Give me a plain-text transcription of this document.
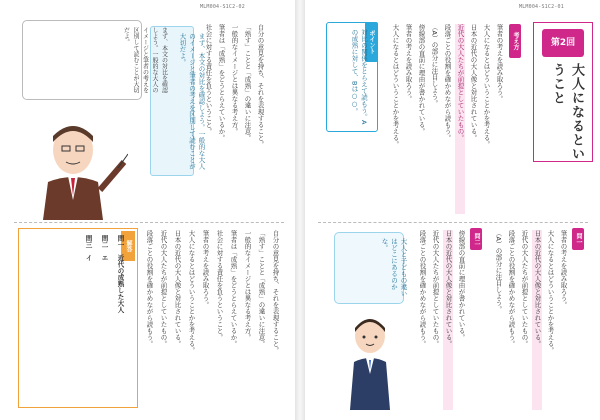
MLM004-S1C2-02
自分の意見を持ち、それを表現すること。
「熟す」ことと「成熟」の違いに注意。
一般的なイメージとは異なる考え方。
筆者は「成熟」をどうとらえているか。
社会に対する責任を負うということ。
まず、本文の対比を確認しよう。一般的な大人のイメージと筆者の考えを区別して読むことが大切だよ。
まず、本文の対比を確認しよう。一般的な大人のイメージと筆者の考えを区別して読むことが大切だよ。
解答
問一　近代の成熟した大人
問二　エ
問三　イ	自分の意見を持ち、それを表現すること。
「熟す」ことと「成熟」の違いに注意。
一般的なイメージとは異なる考え方。
筆者は「成熟」をどうとらえているか。
社会に対する責任を負うということ。
筆者の考えを読み取ろう。
大人になるとはどういうことかを考える。
日本の近代の大人像と対比されている。
近代の大人たちが前提としていたもの。
段落ごとの役割を確かめながら読もう。
MLM004-S1C2-01
第2回
大人になるということ
考え方
筆者の考えを読み取ろう。
大人になるとはどういうことかを考える。
日本の近代の大人像と対比されている。
近代の大人たちが前提としていたもの。
段落ごとの役割を確かめながら読もう。
（A）の部分に注目しよう。
傍線部の直前に理由が書かれている。
筆者の考えを読み取ろう。
大人になるとはどういうことかを考える。
ポイント
対比の関係をとらえて読もう。Aの成熟に対して、Bは○○。
問一
問二	筆者の考えを読み取ろう。
大人になるとはどういうことかを考える。
日本の近代の大人像と対比されている。
近代の大人たちが前提としていたもの。
段落ごとの役割を確かめながら読もう。
（A）の部分に注目しよう。
傍線部の直前に理由が書かれている。
日本の近代の大人像と対比されている。
近代の大人たちが前提としていたもの。
段落ごとの役割を確かめながら読もう。
大人と子どもの違いはどこにあるのかな。
